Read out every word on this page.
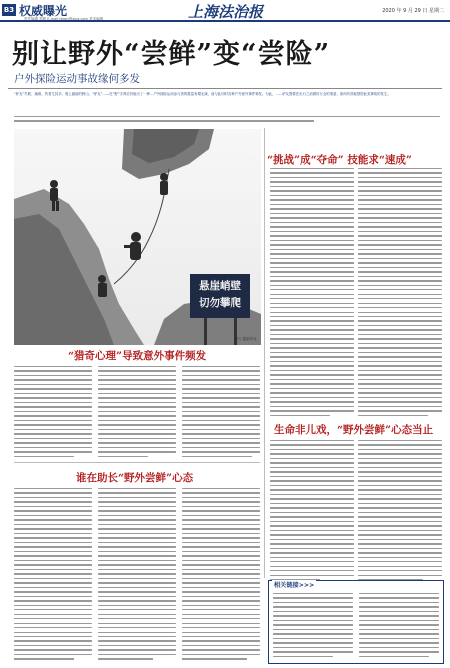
B3 权威曝光
责任编辑 郑健 E-mail:fzbsh@sina.com 美术编辑	上海法治报	2020 年 9 月 29 日 星期二
别让野外“尝鲜”变“尝险”
户外探险运动事故缘何多发
“驴友”失联、落难、伤者尤其多。爬上悬崖的野山，“驴友”…—在“野”字背后折射出了一种…户外探险运动参与者的数量有增无减，而与此同时各种户外意外事件频发。为此，……驴友需要在出行之前做好万全的准备，如何有效地预防此类事故的发生。
悬崖峭壁
切勿攀爬
图片 据新华社
“猎奇心理”导致意外事件频发
“挑战”成“夺命” 技能求“速成”
生命非儿戏，“野外尝鲜”心态当止
谁在助长“野外尝鲜”心态
相关链接>>>
